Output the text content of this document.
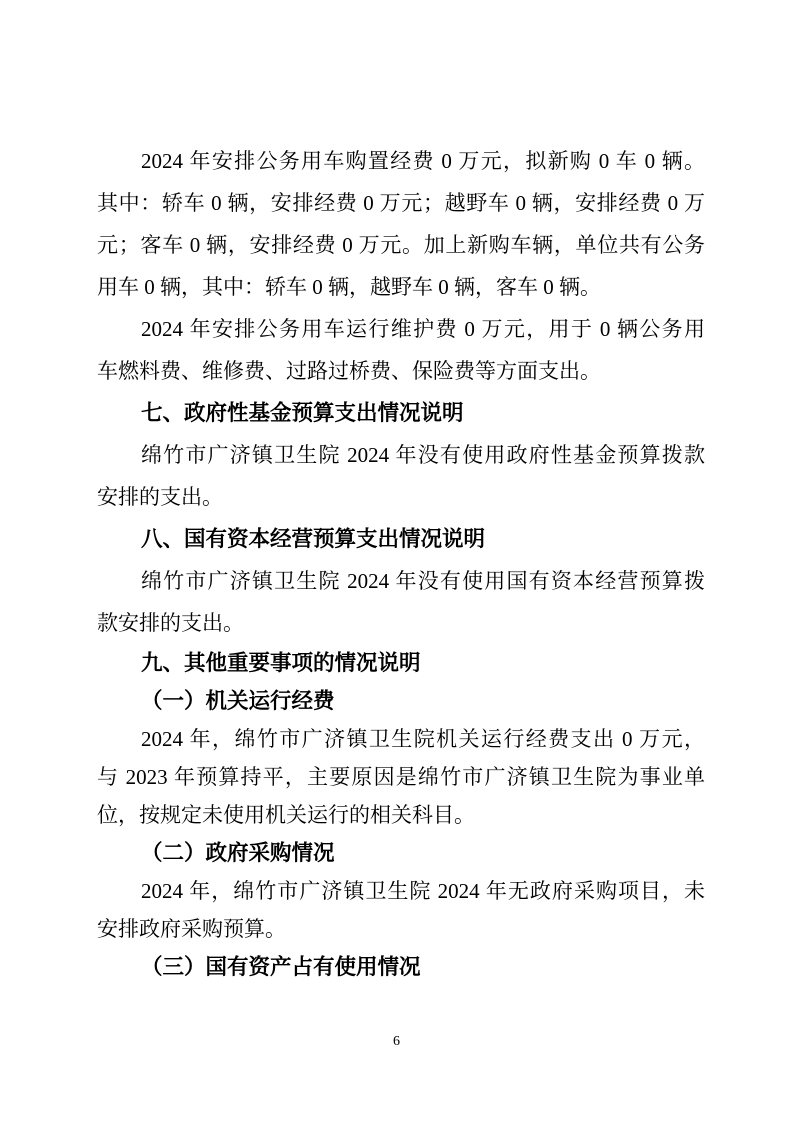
2024 年安排公务用车购置经费 0 万元，拟新购 0 车 0 辆。
其中：轿车 0 辆，安排经费 0 万元；越野车 0 辆，安排经费 0 万
元；客车 0 辆，安排经费 0 万元。加上新购车辆，单位共有公务
用车 0 辆，其中：轿车 0 辆，越野车 0 辆，客车 0 辆。
2024 年安排公务用车运行维护费 0 万元，用于 0 辆公务用
车燃料费、维修费、过路过桥费、保险费等方面支出。
七、政府性基金预算支出情况说明
绵竹市广济镇卫生院 2024 年没有使用政府性基金预算拨款
安排的支出。
八、国有资本经营预算支出情况说明
绵竹市广济镇卫生院 2024 年没有使用国有资本经营预算拨
款安排的支出。
九、其他重要事项的情况说明
（一）机关运行经费
2024 年，绵竹市广济镇卫生院机关运行经费支出 0 万元，
与 2023 年预算持平，主要原因是绵竹市广济镇卫生院为事业单
位，按规定未使用机关运行的相关科目。
（二）政府采购情况
2024 年，绵竹市广济镇卫生院 2024 年无政府采购项目，未
安排政府采购预算。
（三）国有资产占有使用情况
6
